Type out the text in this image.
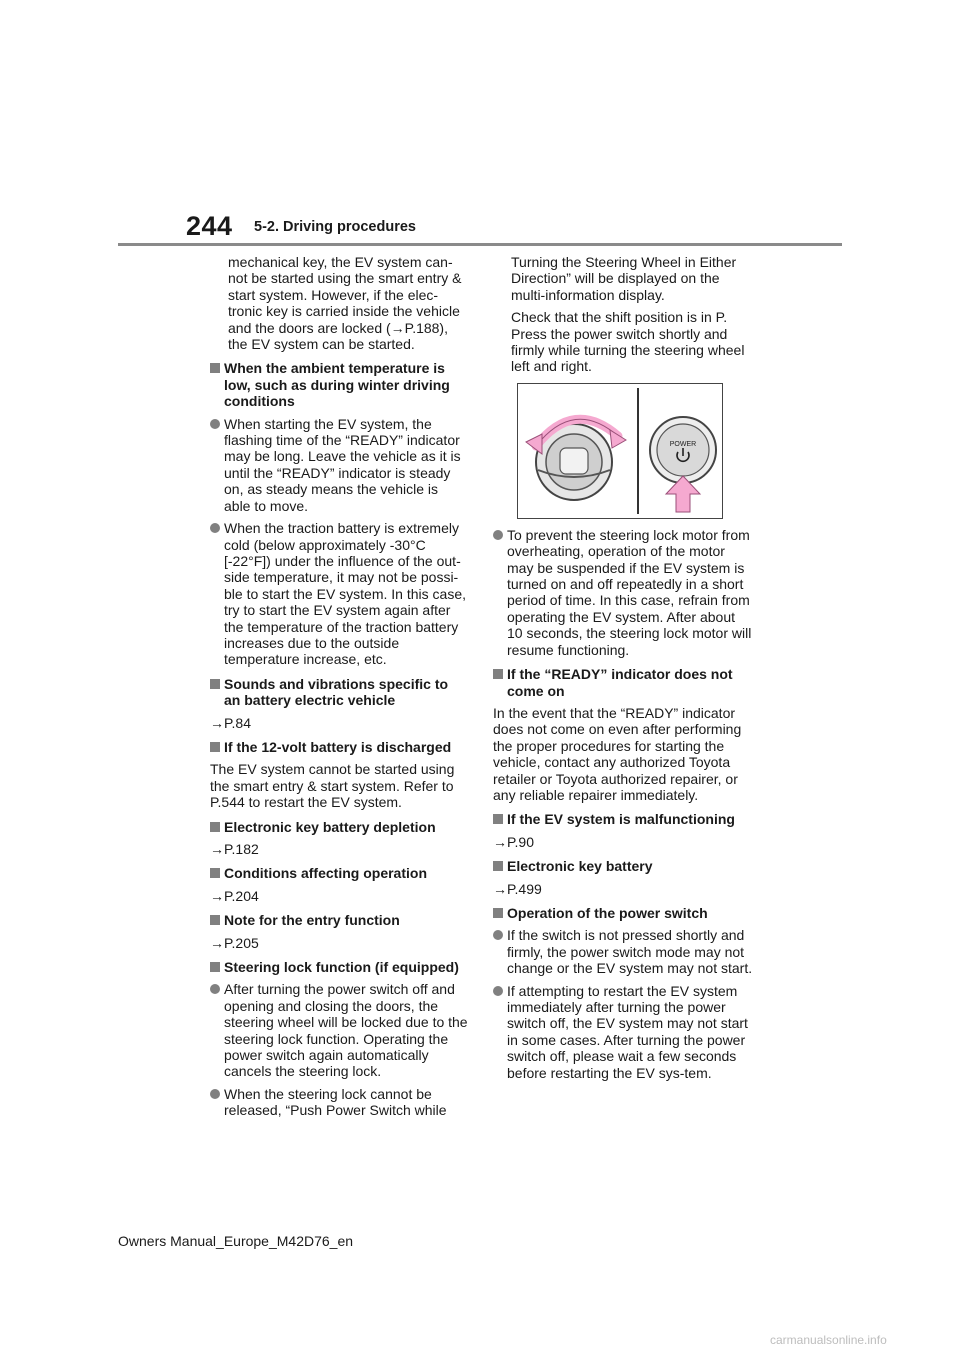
244 5-2. Driving procedures

mechanical key, the EV system can-not be started using the smart entry & start system. However, if the elec-tronic key is carried inside the vehicle and the doors are locked (→P.188), the EV system can be started.

When the ambient temperature is low, such as during winter driving conditions
When starting the EV system, the flashing time of the “READY” indicator may be long. Leave the vehicle as it is until the “READY” indicator is steady on, as steady means the vehicle is able to move.
When the traction battery is extremely cold (below approximately -30°C [-22°F]) under the influence of the out-side temperature, it may not be possi-ble to start the EV system. In this case, try to start the EV system again after the temperature of the traction battery increases due to the outside temperature increase, etc.
Sounds and vibrations specific to an battery electric vehicle
→P.84
If the 12-volt battery is discharged

The EV system cannot be started using the smart entry & start system. Refer to P.544 to restart the EV system.

Electronic key battery depletion
→P.182
Conditions affecting operation
→P.204
Note for the entry function
→P.205
Steering lock function (if equipped)
After turning the power switch off and opening and closing the doors, the steering wheel will be locked due to the steering lock function. Operating the power switch again automatically cancels the steering lock.
When the steering lock cannot be released, “Push Power Switch while

Turning the Steering Wheel in Either Direction” will be displayed on the multi-information display.

Check that the shift position is in P. Press the power switch shortly and firmly while turning the steering wheel left and right.

POWER
To prevent the steering lock motor from overheating, operation of the motor may be suspended if the EV system is turned on and off repeatedly in a short period of time. In this case, refrain from operating the EV system. After about 10 seconds, the steering lock motor will resume functioning.
If the “READY” indicator does not come on

In the event that the “READY” indicator does not come on even after performing the proper procedures for starting the vehicle, contact any authorized Toyota retailer or Toyota authorized repairer, or any reliable repairer immediately.

If the EV system is malfunctioning
→P.90
Electronic key battery
→P.499
Operation of the power switch
If the switch is not pressed shortly and firmly, the power switch mode may not change or the EV system may not start.
If attempting to restart the EV system immediately after turning the power switch off, the EV system may not start in some cases. After turning the power switch off, please wait a few seconds before restarting the EV sys-tem.
Owners Manual_Europe_M42D76_en
carmanualsonline.info
